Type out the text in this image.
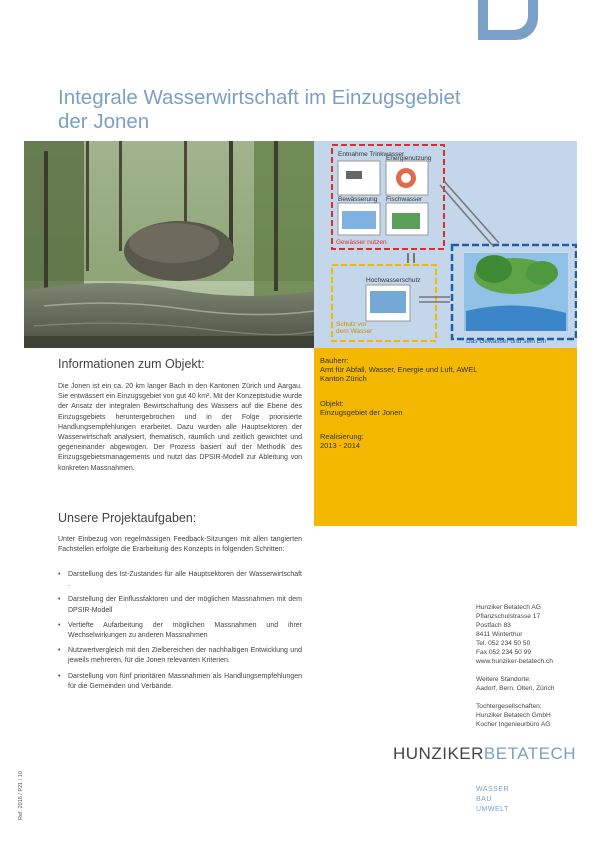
Integrale Wasserwirtschaft im Einzugsgebiet
der Jonen
Entnahme Trinkwasser
Energienutzung
Bewässerung Fischwasser
Gewässer nutzen
Hochwasserschutz
Schutz vor dem Wasser
Das Gewässer und sein Ein
Informationen zum Objekt:
Die Jonen ist ein ca. 20 km langer Bach in den Kantonen Zürich und Aargau. Sie entwässert ein Einzugsgebiet von gut 40 km². Mit der Konzeptstudie wurde der Ansatz der integralen Bewirtschaftung des Wassers auf die Ebene des Einzugsgebiets heruntergebrochen und in der Folge priorisierte Handlungsempfehlungen erarbeitet. Dazu wurden alle Hauptsektoren der Wasserwirtschaft analysiert, thematisch, räumlich und zeitlich gewichtet und gegeneinander abgewogen. Der Prozess basiert auf der Methodik des Einzugsgebietsmanagements und nutzt das DPSIR-Modell zur Ableitung von konkreten Massnahmen.
Bauherr:
Amt für Abfall, Wasser, Energie und Luft, AWEL
Kanton Zürich
Objekt:
Einzugsgebiet der Jonen
Realisierung:
2013 - 2014
Unsere Projektaufgaben:
Unter Einbezug von regelmässigen Feedback-Sitzungen mit allen tangierten Fachstellen erfolgte die Erarbeitung des Konzepts in folgenden Schritten:
• Darstellung des Ist-Zustandes für alle Hauptsektoren der Wasserwirtschaft .
• Darstellung der Einflussfaktoren und der möglichen Massnahmen mit dem DPSIR-Modell
• Vertiefte Aufarbeitung der möglichen Massnahmen und ihrer Wechselwirkungen zu anderen Massnahmen
• Nutzwertvergleich mit den Zielbereichen der nachhaltigen Entwicklung und jeweils mehreren, für die Jonen relevanten Kriterien.
• Darstellung von fünf prioritären Massnahmen als Handlungsempfehlungen für die Gemeinden und Verbände.
Hunziker Betatech AG
Pflanzschulstrasse 17
Postfach 83
8411 Winterthur
Tel. 052 234 50 50
Fax 052 234 50 99
www.hunziker-betatech.ch
Weitere Standorte:
Aadorf, Bern, Olten, Zürich
Tochtergesellschaften:
Hunziker Betatech GmbH
Kocher Ingenieurbüro AG
HUNZIKERBETATECH
WASSER
BAU
UMWELT
Ref. 2016 / P21 / 10
